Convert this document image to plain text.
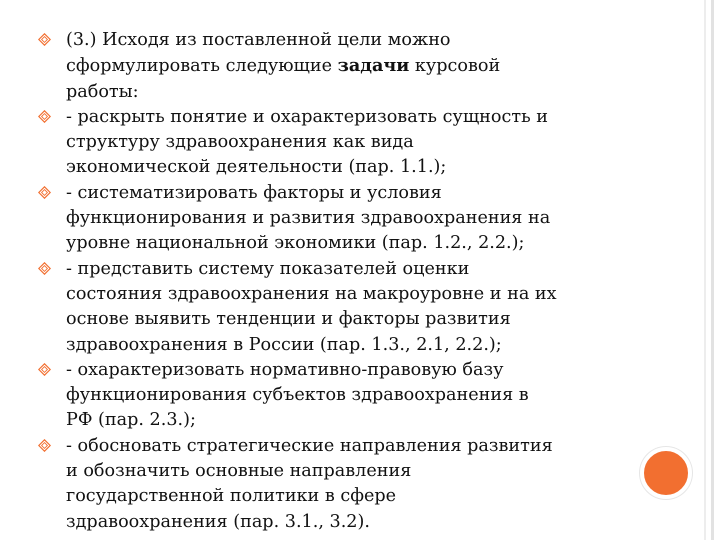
(3.) Исходя из поставленной цели можно
сформулировать следующие задачи курсовой
работы:
- раскрыть понятие и охарактеризовать сущность и
структуру здравоохранения как вида
экономической деятельности (пар. 1.1.);
- систематизировать факторы и условия
функционирования и развития здравоохранения на
уровне национальной экономики (пар. 1.2., 2.2.);
- представить систему показателей оценки
состояния здравоохранения на макроуровне и на их
основе выявить тенденции и факторы развития
здравоохранения в России (пар. 1.3., 2.1, 2.2.);
- охарактеризовать нормативно-правовую базу
функционирования субъектов здравоохранения в
РФ (пар. 2.3.);
- обосновать стратегические направления развития
и обозначить основные направления
государственной политики в сфере
здравоохранения (пар. 3.1., 3.2).
